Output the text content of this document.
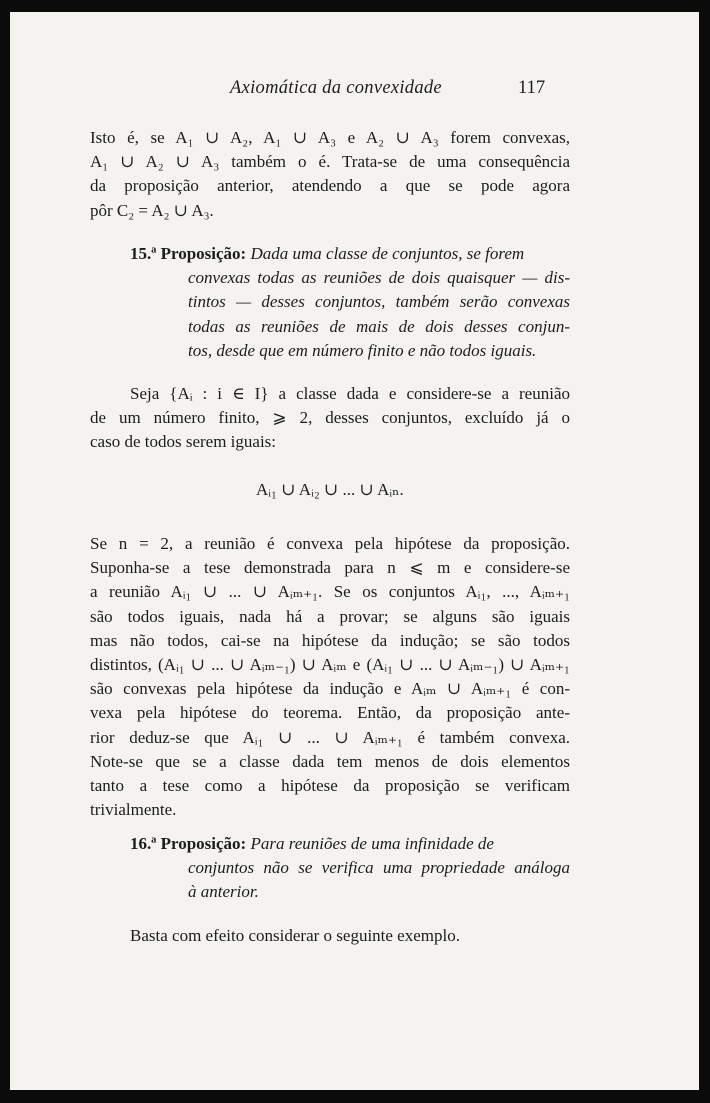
Axiomática da convexidade	117
Isto é, se A₁ ∪ A₂, A₁ ∪ A₃ e A₂ ∪ A₃ forem convexas,
A₁ ∪ A₂ ∪ A₃ também o é. Trata-se de uma consequência
da proposição anterior, atendendo a que se pode agora
pôr C₂ = A₂ ∪ A₃.
15.ª Proposição: Dada uma classe de conjuntos, se forem
convexas todas as reuniões de dois quaisquer — dis-
tintos — desses conjuntos, também serão convexas
todas as reuniões de mais de dois desses conjun-
tos, desde que em número finito e não todos iguais.
Seja {Aᵢ : i ∈ I} a classe dada e considere-se a reunião
de um número finito, ⩾ 2, desses conjuntos, excluído já o
caso de todos serem iguais:
Aᵢ₁ ∪ Aᵢ₂ ∪ ... ∪ Aᵢₙ.
Se n = 2, a reunião é convexa pela hipótese da proposição.
Suponha-se a tese demonstrada para n ⩽ m e considere-se
a reunião Aᵢ₁ ∪ ... ∪ Aᵢₘ₊₁. Se os conjuntos Aᵢ₁, ..., Aᵢₘ₊₁
são todos iguais, nada há a provar; se alguns são iguais
mas não todos, cai-se na hipótese da indução; se são todos
distintos, (Aᵢ₁ ∪ ... ∪ Aᵢₘ₋₁) ∪ Aᵢₘ e (Aᵢ₁ ∪ ... ∪ Aᵢₘ₋₁) ∪ Aᵢₘ₊₁
são convexas pela hipótese da indução e Aᵢₘ ∪ Aᵢₘ₊₁ é con-
vexa pela hipótese do teorema. Então, da proposição ante-
rior deduz-se que Aᵢ₁ ∪ ... ∪ Aᵢₘ₊₁ é também convexa.
Note-se que se a classe dada tem menos de dois elementos
tanto a tese como a hipótese da proposição se verificam
trivialmente.
16.ª Proposição: Para reuniões de uma infinidade de
conjuntos não se verifica uma propriedade análoga
à anterior.
Basta com efeito considerar o seguinte exemplo.
